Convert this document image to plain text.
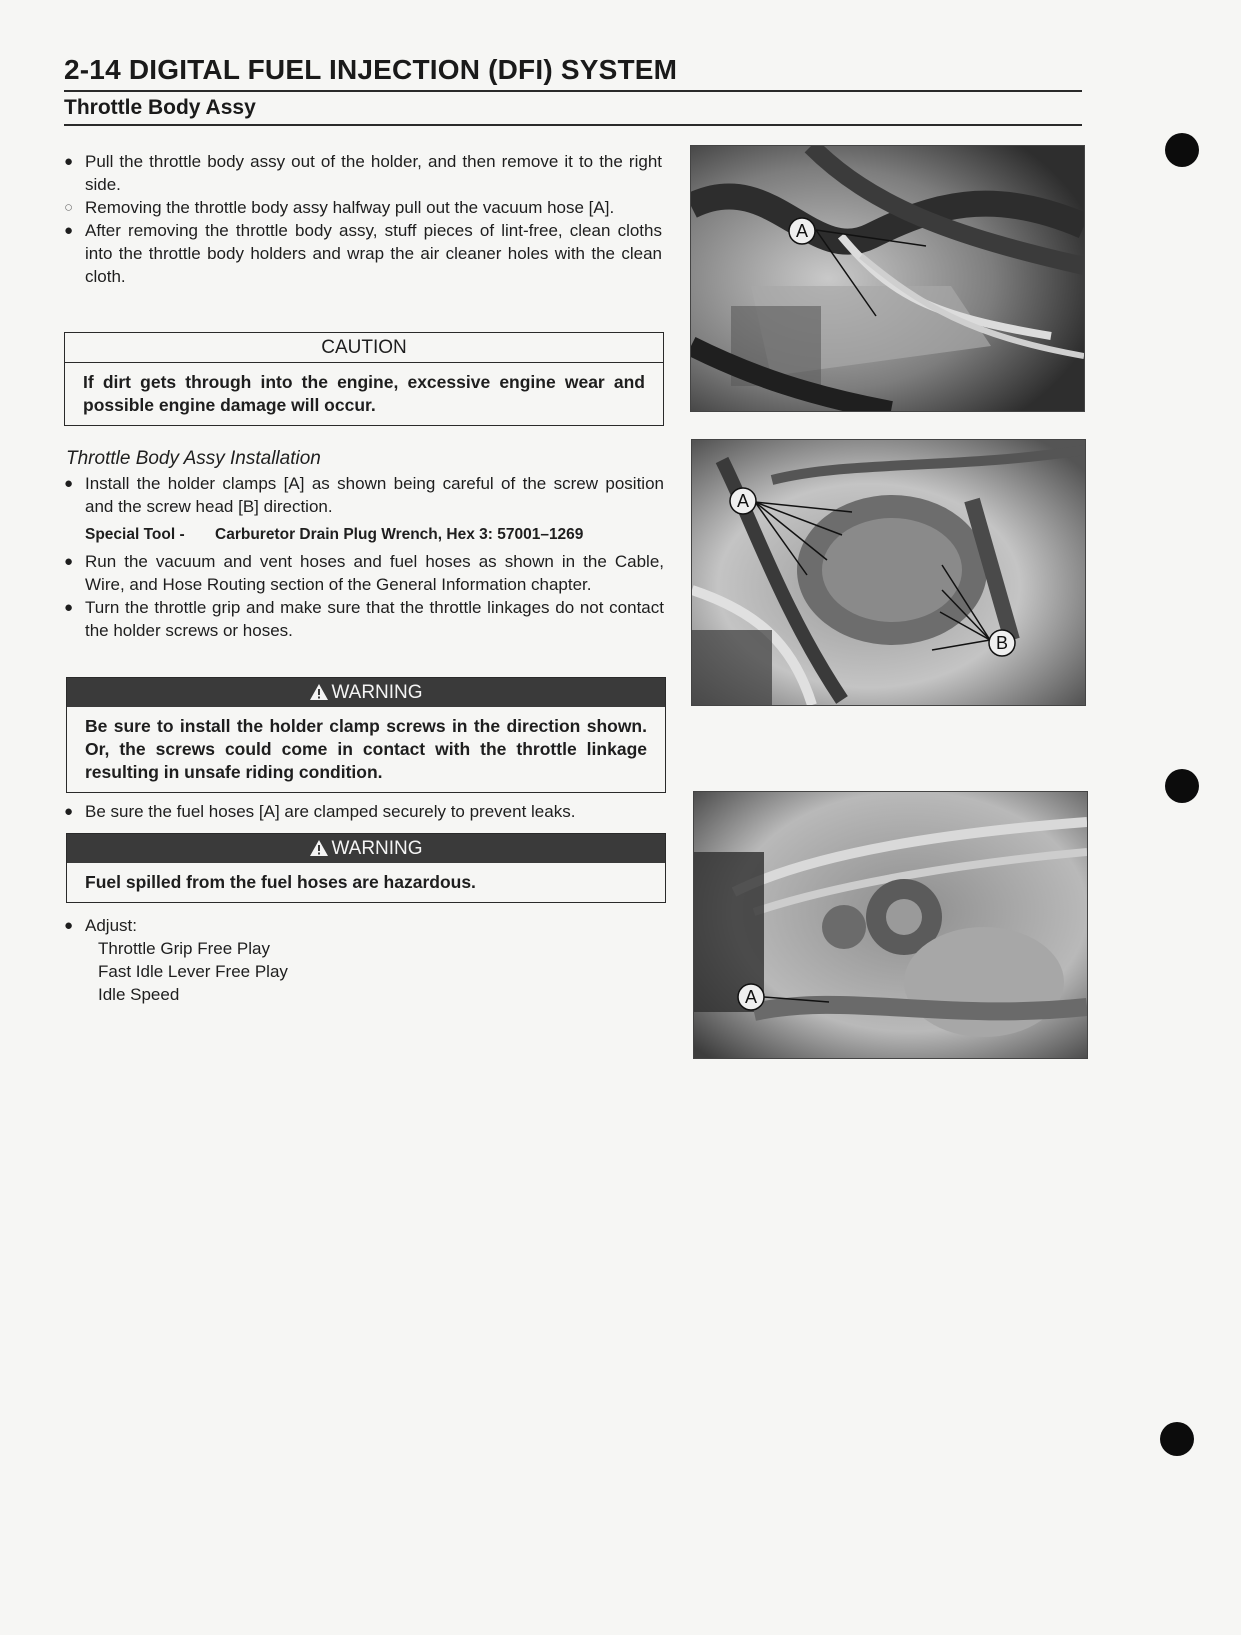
2-14 DIGITAL FUEL INJECTION (DFI) SYSTEM
Throttle Body Assy
● Pull the throttle body assy out of the holder, and then remove it to the right side.
○ Removing the throttle body assy halfway pull out the vacuum hose [A].
● After removing the throttle body assy, stuff pieces of lint-free, clean cloths into the throttle body holders and wrap the air cleaner holes with the clean cloth.
CAUTION
If dirt gets through into the engine, excessive engine wear and possible engine damage will occur.
Throttle Body Assy Installation
● Install the holder clamps [A] as shown being careful of the screw position and the screw head [B] direction.
Special Tool - Carburetor Drain Plug Wrench, Hex 3: 57001–1269
● Run the vacuum and vent hoses and fuel hoses as shown in the Cable, Wire, and Hose Routing section of the General Information chapter.
● Turn the throttle grip and make sure that the throttle linkages do not contact the holder screws or hoses.
WARNING
Be sure to install the holder clamp screws in the direction shown. Or, the screws could come in contact with the throttle linkage resulting in unsafe riding condition.
● Be sure the fuel hoses [A] are clamped securely to prevent leaks.
WARNING
Fuel spilled from the fuel hoses are hazardous.
● Adjust:
Throttle Grip Free Play
Fast Idle Lever Free Play
Idle Speed
A
A
B
A
